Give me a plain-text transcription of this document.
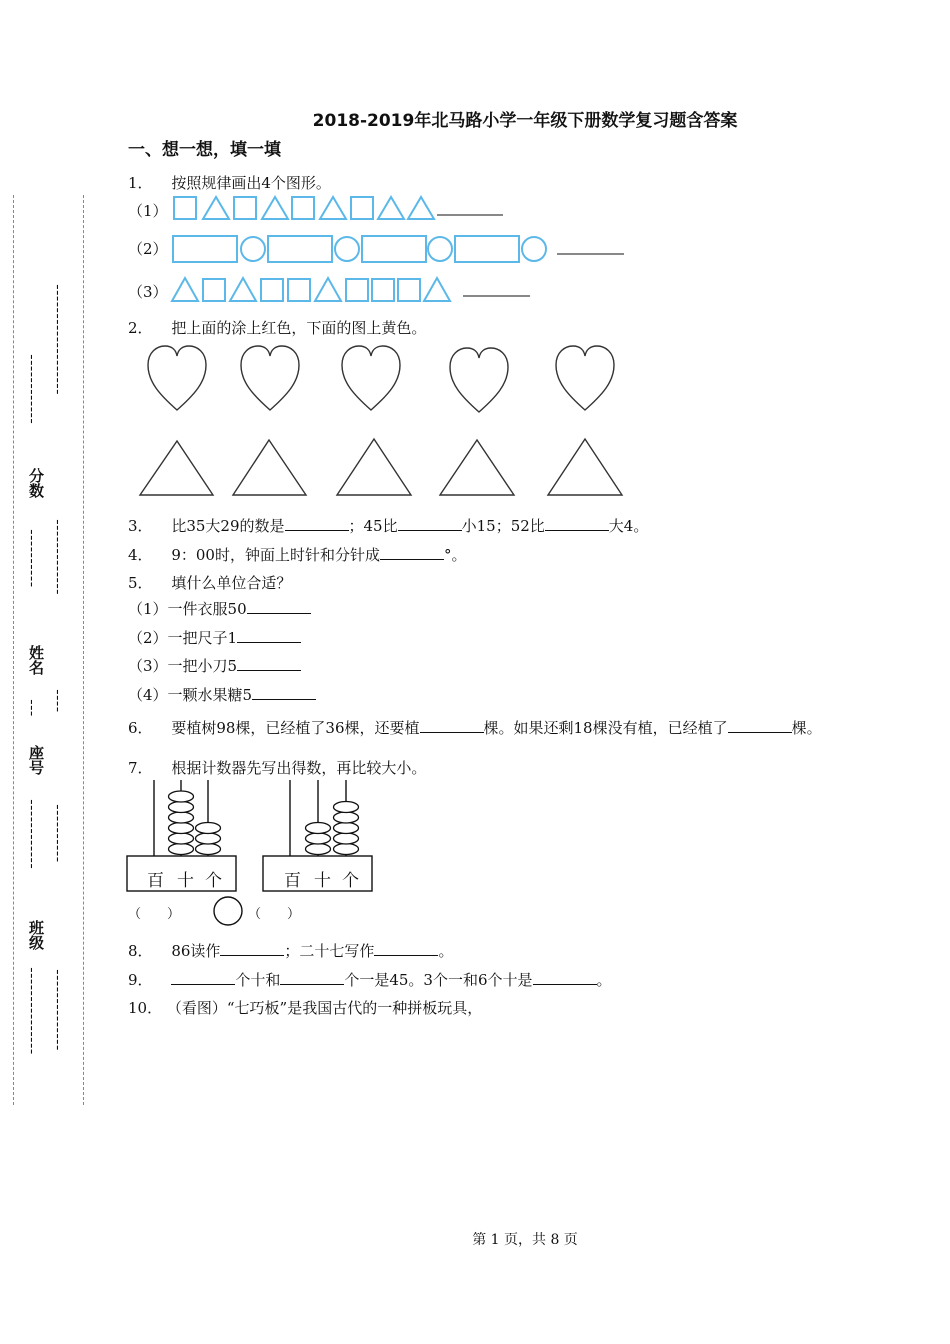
╴╴╴╴╴╴╴╴╴╴╴╴╴╴╴╴╴╴╴
分数
╴╴╴╴╴╴╴╴╴╴╴╴╴
姓名
╴╴╴╴
座号
╴╴╴╴╴╴╴╴╴╴
班级
╴╴╴╴╴╴╴╴╴╴╴╴╴╴
╴╴╴╴╴╴╴╴╴╴╴╴
╴╴╴╴╴╴╴╴╴╴
╴╴╴
╴╴╴╴╴╴╴╴╴╴╴╴
╴╴╴╴╴╴╴╴╴╴╴╴╴╴╴
2018-2019年北马路小学一年级下册数学复习题含答案
一、想一想，填一填
1． 按照规律画出4个图形。
（1）
（2）
（3）
2． 把上面的涂上红色，下面的图上黄色。
3． 比35大29的数是	；45比	小15；52比	大4。
4． 9：00时，钟面上时针和分针成	°。
5． 填什么单位合适？
（1）一件衣服50
（2）一把尺子1
（3）一把小刀5
（4）一颗水果糖5
6． 要植树98棵，已经植了36棵，还要植	棵。如果还剩18棵没有植，已经植了	棵。
7． 根据计数器先写出得数，再比较大小。
百 十 个	百 十 个
（　　）	（　　）
8． 86读作	；二十七写作	。
9．	个十和	个一是45。3个一和6个十是	。
10． （看图）“七巧板”是我国古代的一种拼板玩具，
第 1 页，共 8 页
